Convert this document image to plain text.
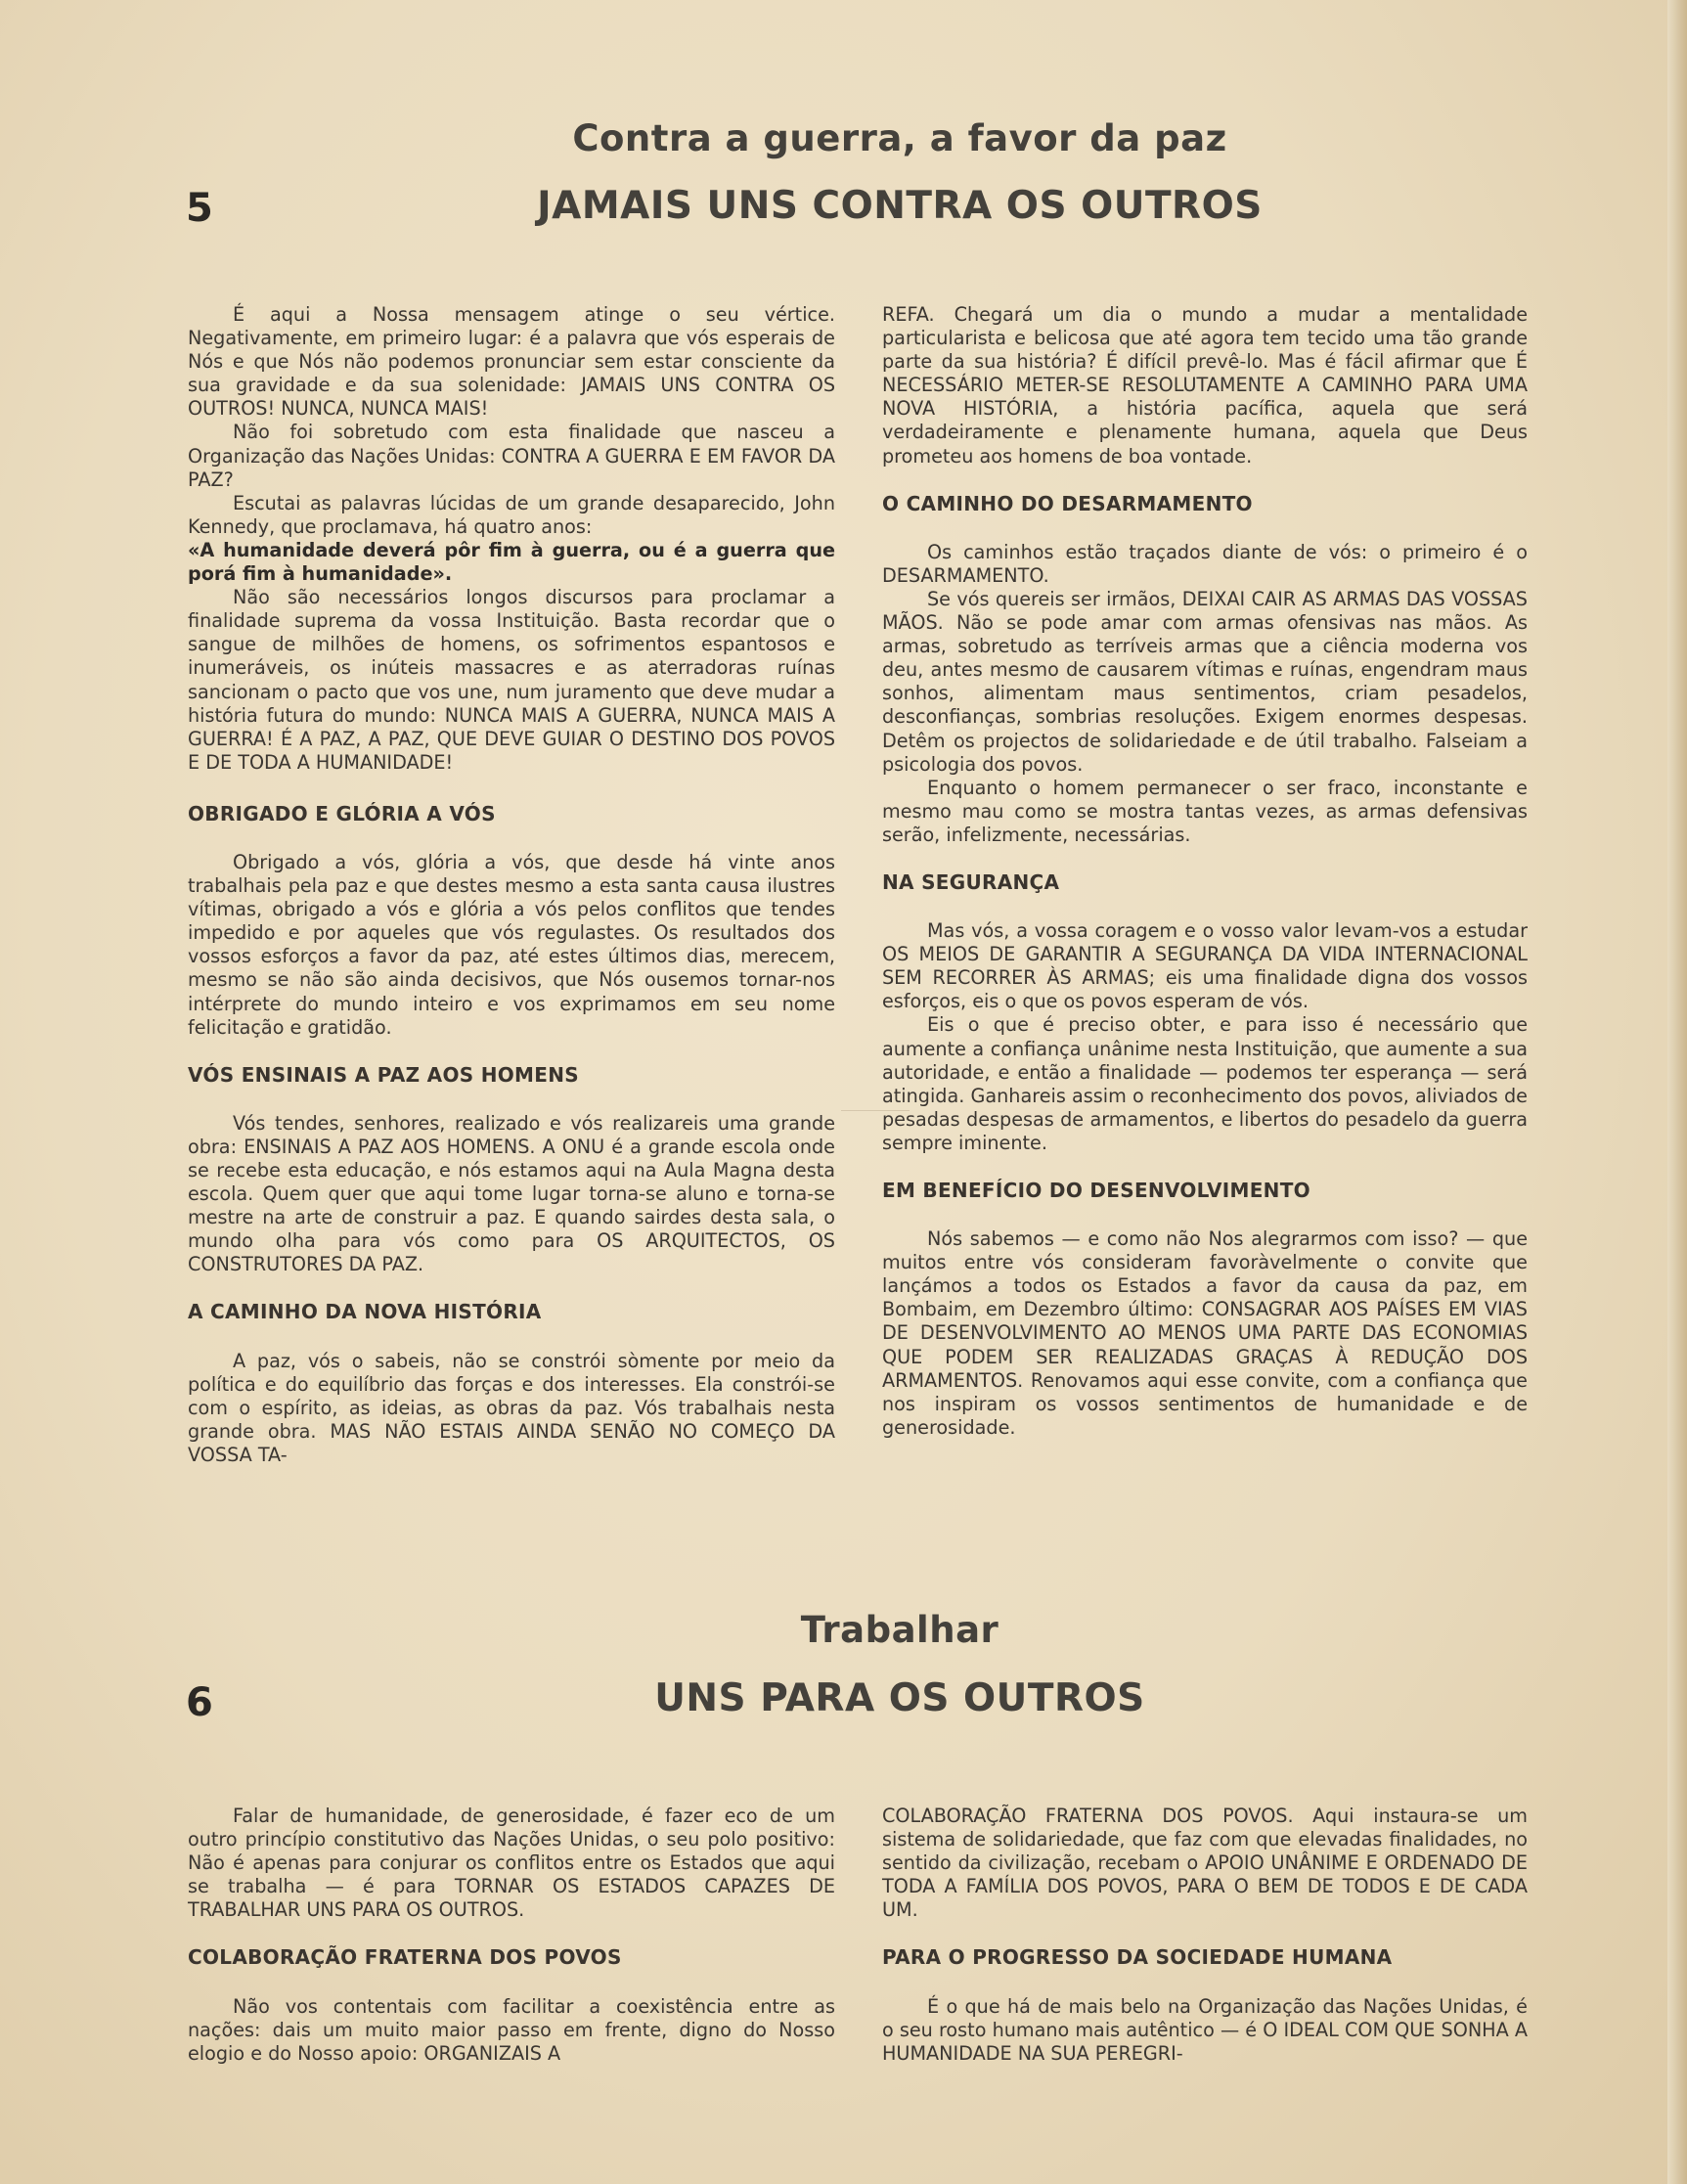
Contra a guerra, a favor da paz
5	JAMAIS UNS CONTRA OS OUTROS

É aqui a Nossa mensagem atinge o seu vértice. Negativamente, em primeiro lugar: é a palavra que vós esperais de Nós e que Nós não podemos pronunciar sem estar consciente da sua gravidade e da sua solenidade: JAMAIS UNS CONTRA OS OUTROS! NUNCA, NUNCA MAIS!

Não foi sobretudo com esta finalidade que nasceu a Organização das Nações Unidas: CONTRA A GUERRA E EM FAVOR DA PAZ?

Escutai as palavras lúcidas de um grande desaparecido, John Kennedy, que proclamava, há quatro anos:
«A humanidade deverá pôr fim à guerra, ou é a guerra que porá fim à humanidade».

Não são necessários longos discursos para proclamar a finalidade suprema da vossa Instituição. Basta recordar que o sangue de milhões de homens, os sofrimentos espantosos e inumeráveis, os inúteis massacres e as aterradoras ruínas sancionam o pacto que vos une, num juramento que deve mudar a história futura do mundo: NUNCA MAIS A GUERRA, NUNCA MAIS A GUERRA! É A PAZ, A PAZ, QUE DEVE GUIAR O DESTINO DOS POVOS E DE TODA A HUMANIDADE!

OBRIGADO E GLÓRIA A VÓS

Obrigado a vós, glória a vós, que desde há vinte anos trabalhais pela paz e que destes mesmo a esta santa causa ilustres vítimas, obrigado a vós e glória a vós pelos conflitos que tendes impedido e por aqueles que vós regulastes. Os resultados dos vossos esforços a favor da paz, até estes últimos dias, merecem, mesmo se não são ainda decisivos, que Nós ousemos tornar-nos intérprete do mundo inteiro e vos exprimamos em seu nome felicitação e gratidão.

VÓS ENSINAIS A PAZ AOS HOMENS

Vós tendes, senhores, realizado e vós realizareis uma grande obra: ENSINAIS A PAZ AOS HOMENS. A ONU é a grande escola onde se recebe esta educação, e nós estamos aqui na Aula Magna desta escola. Quem quer que aqui tome lugar torna-se aluno e torna-se mestre na arte de construir a paz. E quando sairdes desta sala, o mundo olha para vós como para OS ARQUITECTOS, OS CONSTRUTORES DA PAZ.

A CAMINHO DA NOVA HISTÓRIA

A paz, vós o sabeis, não se constrói sòmente por meio da política e do equilíbrio das forças e dos interesses. Ela constrói-se com o espírito, as ideias, as obras da paz. Vós trabalhais nesta grande obra. MAS NÃO ESTAIS AINDA SENÃO NO COMEÇO DA VOSSA TA-

REFA. Chegará um dia o mundo a mudar a mentalidade particularista e belicosa que até agora tem tecido uma tão grande parte da sua história? É difícil prevê-lo. Mas é fácil afirmar que É NECESSÁRIO METER-SE RESOLUTAMENTE A CAMINHO PARA UMA NOVA HISTÓRIA, a história pacífica, aquela que será verdadeiramente e plenamente humana, aquela que Deus prometeu aos homens de boa vontade.

O CAMINHO DO DESARMAMENTO

Os caminhos estão traçados diante de vós: o primeiro é o DESARMAMENTO.

Se vós quereis ser irmãos, DEIXAI CAIR AS ARMAS DAS VOSSAS MÃOS. Não se pode amar com armas ofensivas nas mãos. As armas, sobretudo as terríveis armas que a ciência moderna vos deu, antes mesmo de causarem vítimas e ruínas, engendram maus sonhos, alimentam maus sentimentos, criam pesadelos, desconfianças, sombrias resoluções. Exigem enormes despesas. Detêm os projectos de solidariedade e de útil trabalho. Falseiam a psicologia dos povos.

Enquanto o homem permanecer o ser fraco, inconstante e mesmo mau como se mostra tantas vezes, as armas defensivas serão, infelizmente, necessárias.

NA SEGURANÇA

Mas vós, a vossa coragem e o vosso valor levam-vos a estudar OS MEIOS DE GARANTIR A SEGURANÇA DA VIDA INTERNACIONAL SEM RECORRER ÀS ARMAS; eis uma finalidade digna dos vossos esforços, eis o que os povos esperam de vós.

Eis o que é preciso obter, e para isso é necessário que aumente a confiança unânime nesta Instituição, que aumente a sua autoridade, e então a finalidade — podemos ter esperança — será atingida. Ganhareis assim o reconhecimento dos povos, aliviados de pesadas despesas de armamentos, e libertos do pesadelo da guerra sempre iminente.

EM BENEFÍCIO DO DESENVOLVIMENTO

Nós sabemos — e como não Nos alegrarmos com isso? — que muitos entre vós consideram favoràvelmente o convite que lançámos a todos os Estados a favor da causa da paz, em Bombaim, em Dezembro último: CONSAGRAR AOS PAÍSES EM VIAS DE DESENVOLVIMENTO AO MENOS UMA PARTE DAS ECONOMIAS QUE PODEM SER REALIZADAS GRAÇAS À REDUÇÃO DOS ARMAMENTOS. Renovamos aqui esse convite, com a confiança que nos inspiram os vossos sentimentos de humanidade e de generosidade.

Trabalhar
6	UNS PARA OS OUTROS

Falar de humanidade, de generosidade, é fazer eco de um outro princípio constitutivo das Nações Unidas, o seu polo positivo: Não é apenas para conjurar os conflitos entre os Estados que aqui se trabalha — é para TORNAR OS ESTADOS CAPAZES DE TRABALHAR UNS PARA OS OUTROS.

COLABORAÇÃO FRATERNA DOS POVOS

Não vos contentais com facilitar a coexistência entre as nações: dais um muito maior passo em frente, digno do Nosso elogio e do Nosso apoio: ORGANIZAIS A

COLABORAÇÃO FRATERNA DOS POVOS. Aqui instaura-se um sistema de solidariedade, que faz com que elevadas finalidades, no sentido da civilização, recebam o APOIO UNÂNIME E ORDENADO DE TODA A FAMÍLIA DOS POVOS, PARA O BEM DE TODOS E DE CADA UM.

PARA O PROGRESSO DA SOCIEDADE HUMANA

É o que há de mais belo na Organização das Nações Unidas, é o seu rosto humano mais autêntico — é O IDEAL COM QUE SONHA A HUMANIDADE NA SUA PEREGRI-
